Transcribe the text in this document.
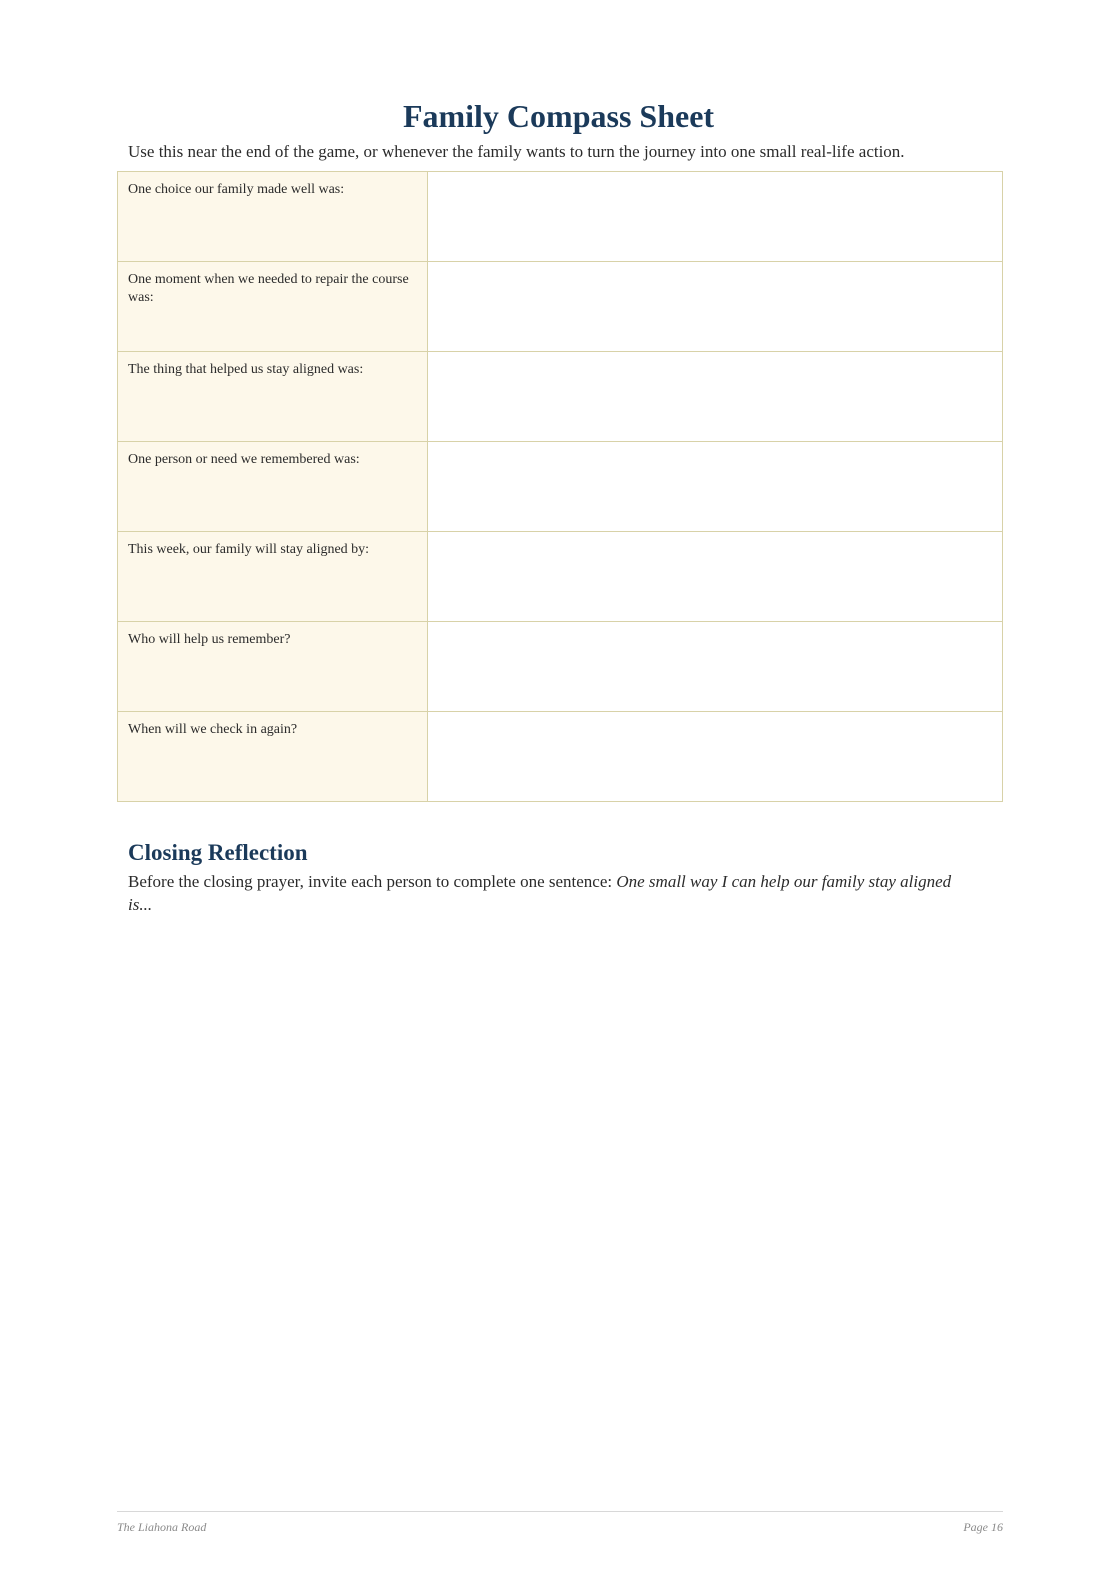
Family Compass Sheet

Use this near the end of the game, or whenever the family wants to turn the journey into one small real-life action.

One choice our family made well was:	
One moment when we needed to repair the course was:	
The thing that helped us stay aligned was:	
One person or need we remembered was:	
This week, our family will stay aligned by:	
Who will help us remember?	
When will we check in again?	
Closing Reflection

Before the closing prayer, invite each person to complete one sentence: One small way I can help our family stay aligned is...

The Liahona Road	Page 16
